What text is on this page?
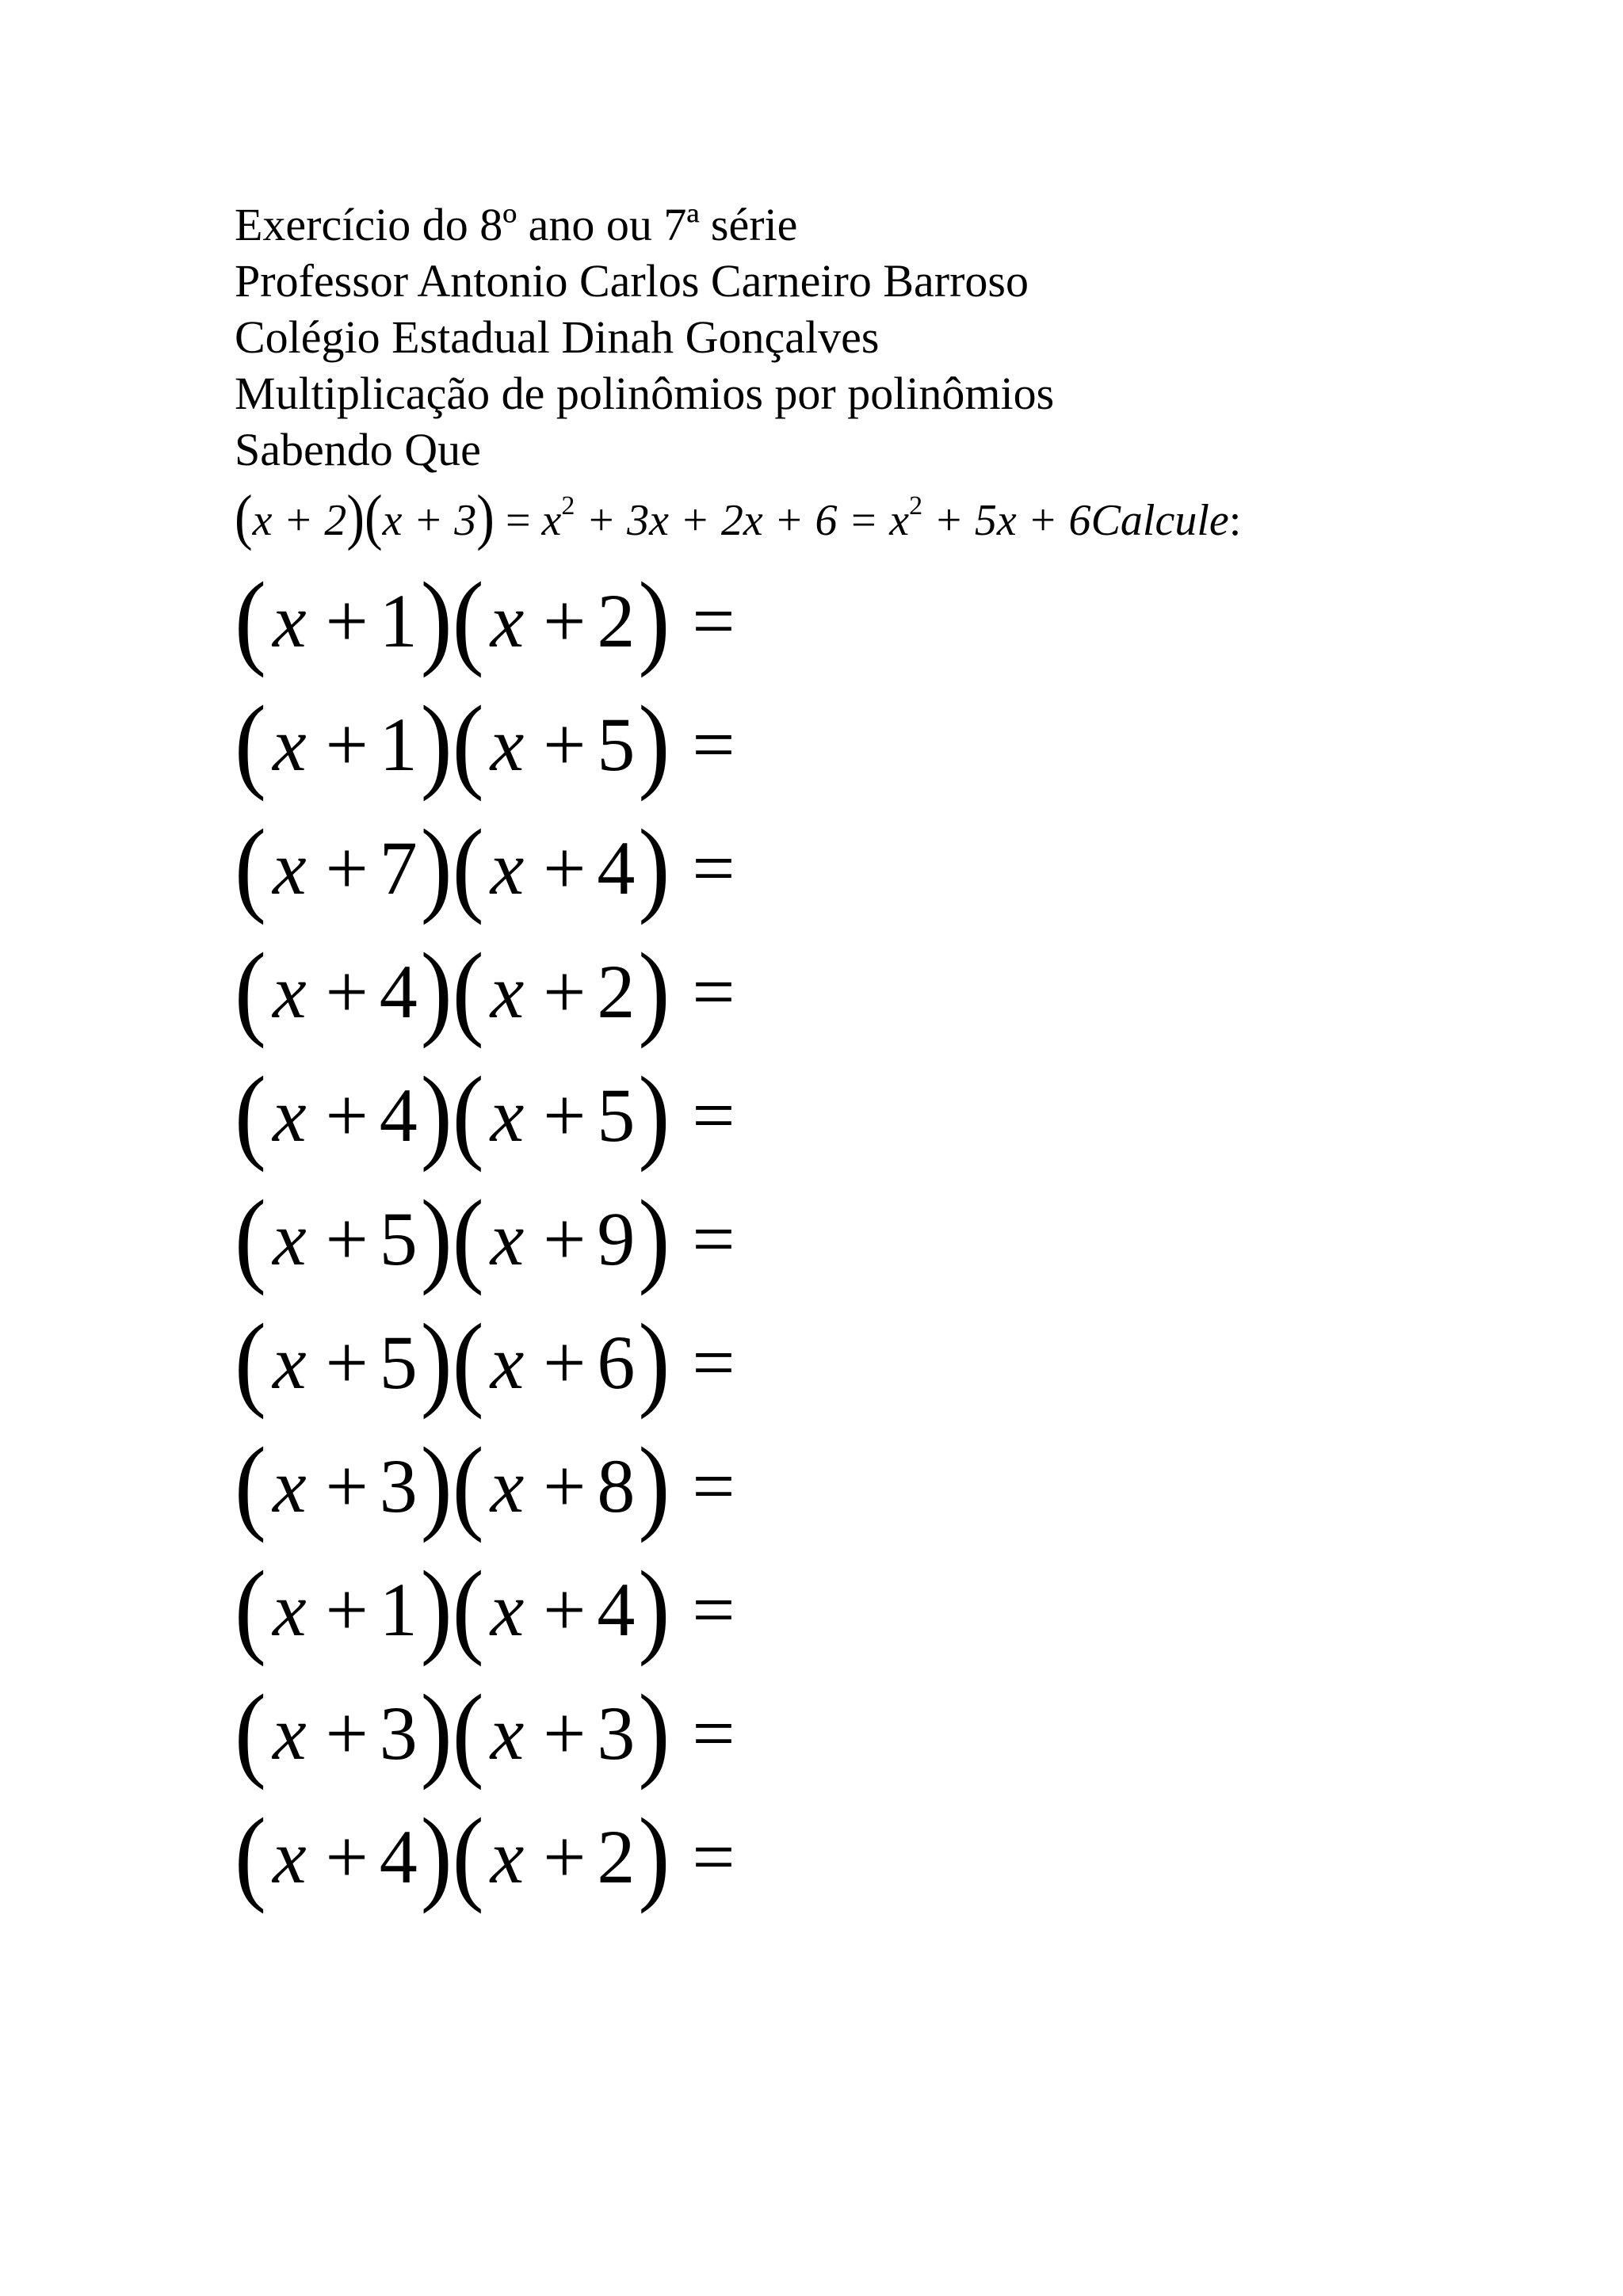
Exercício do 8º ano ou 7ª série
Professor Antonio Carlos Carneiro Barroso
Colégio Estadual Dinah Gonçalves
Multiplicação de polinômios por polinômios
Sabendo Que
$(x + 2)(x + 3) = x^2 + 3x + 2x + 6 = x^2 + 5x$ + 6Calcule:
(x + 1)(x + 2) =
(x + 1)(x + 5) =
(x + 7)(x + 4) =
(x + 4)(x + 2) =
(x + 4)(x + 5) =
(x + 5)(x + 9) =
(x + 5)(x + 6) =
(x + 3)(x + 8) =
(x + 1)(x + 4) =
(x + 3)(x + 3) =
(x + 4)(x + 2) =
